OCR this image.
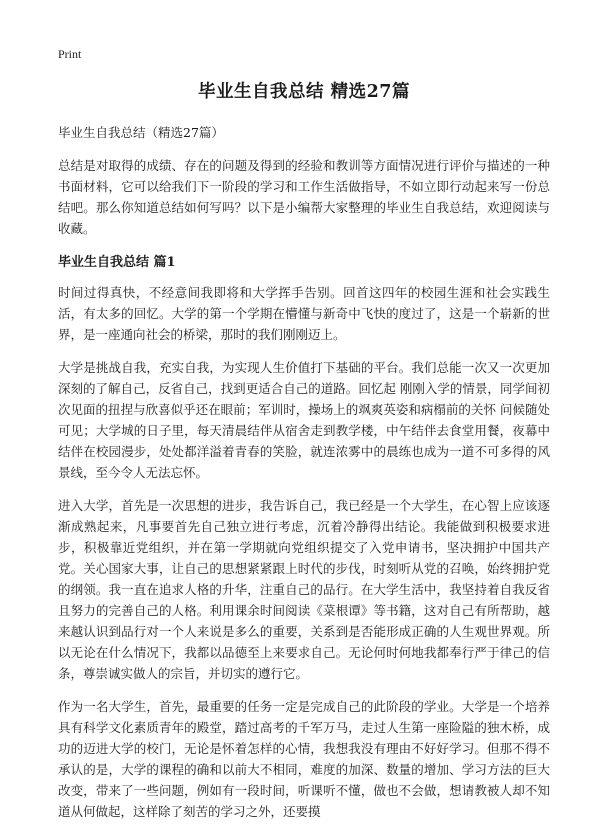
Print
毕业生自我总结 精选27篇

毕业生自我总结（精选27篇）

总结是对取得的成绩、存在的问题及得到的经验和教训等方面情况进行评价与描述的一种书面材料，它可以给我们下一阶段的学习和工作生活做指导，不如立即行动起来写一份总结吧。那么你知道总结如何写吗？以下是小编帮大家整理的毕业生自我总结，欢迎阅读与收藏。

毕业生自我总结 篇1

时间过得真快，不经意间我即将和大学挥手告别。回首这四年的校园生涯和社会实践生活，有太多的回忆。大学的第一个学期在懵懂与新奇中飞快的度过了，这是一个崭新的世界，是一座通向社会的桥梁，那时的我们刚刚迈上。

大学是挑战自我，充实自我，为实现人生价值打下基础的平台。我们总能一次又一次更加深刻的了解自己，反省自己，找到更适合自己的道路。回忆起 刚刚入学的情景，同学间初次见面的扭捏与欣喜似乎还在眼前；军训时，操场上的飒爽英姿和病榻前的关怀 问候随处可见；大学城的日子里，每天清晨结伴从宿舍走到教学楼，中午结伴去食堂用餐，夜幕中结伴在校园漫步，处处都洋溢着青春的笑脸，就连浓雾中的晨练也成为一道不可多得的风景线，至今令人无法忘怀。

进入大学，首先是一次思想的进步，我告诉自己，我已经是一个大学生，在心智上应该逐渐成熟起来，凡事要首先自己独立进行考虑，沉着冷静得出结论。我能做到积极要求进步，积极靠近党组织，并在第一学期就向党组织提交了入党申请书，坚决拥护中国共产党。关心国家大事，让自己的思想紧紧跟上时代的步伐，时刻听从党的召唤，始终拥护党的纲领。我一直在追求人格的升华，注重自己的品行。在大学生活中，我坚持着自我反省且努力的完善自己的人格。利用课余时间阅读《菜根谭》等书籍，这对自己有所帮助，越来越认识到品行对一个人来说是多么的重要，关系到是否能形成正确的人生观世界观。所以无论在什么情况下，我都以品德至上来要求自己。无论何时何地我都奉行严于律己的信条，尊崇诚实做人的宗旨，并切实的遵行它。

作为一名大学生，首先，最重要的任务一定是完成自己的此阶段的学业。大学是一个培养具有科学文化素质青年的殿堂，踏过高考的千军万马，走过人生第一座险隘的独木桥，成功的迈进大学的校门，无论是怀着怎样的心情，我想我没有理由不好好学习。但那不得不承认的是，大学的课程的确和以前大不相同，难度的加深、数量的增加、学习方法的巨大改变，带来了一些问题，例如有一段时间，听课听不懂，做也不会做，想请教被人却不知道从何做起，这样除了刻苦的学习之外，还要摸
